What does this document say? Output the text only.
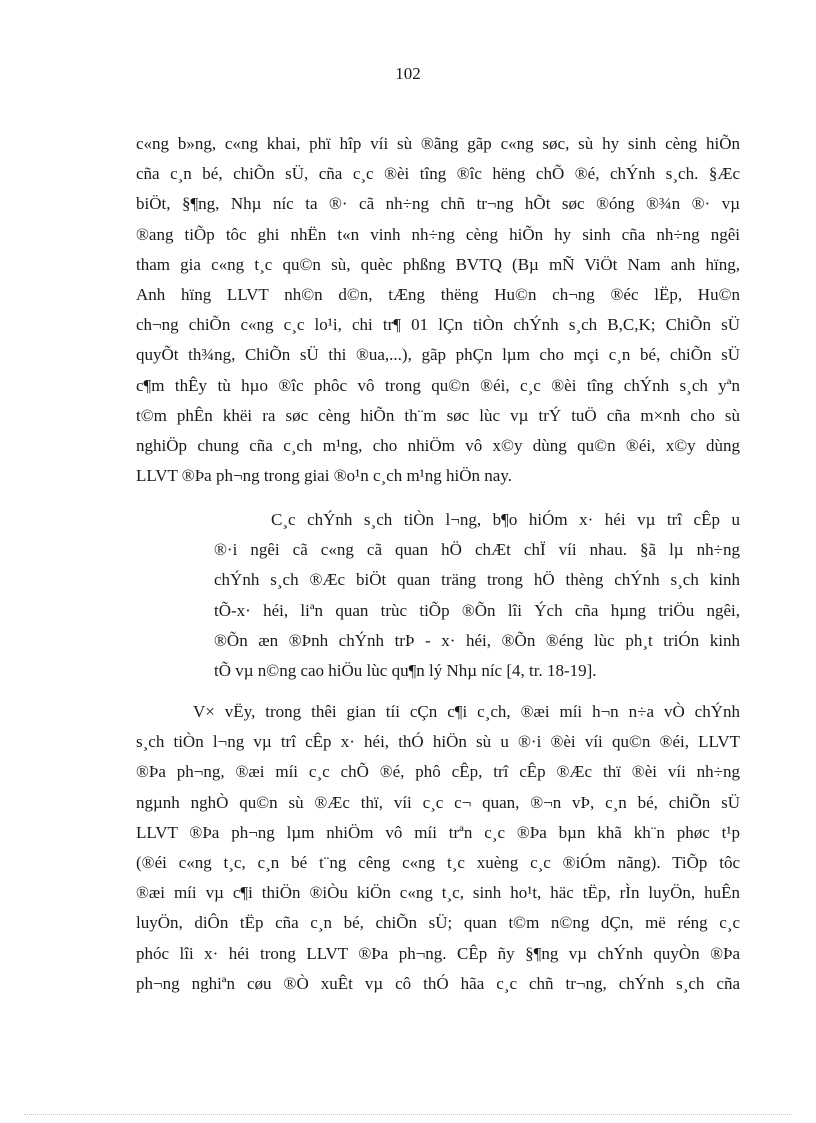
102
c«ng b»ng, c«ng khai, phï hîp víi sù ®ãng gãp c«ng søc, sù hy sinh cèng hiÕn
cña c¸n bé, chiÕn sÜ, cña c¸c ®èi tîng ®îc hëng chÕ ®é, chÝnh s¸ch. §Æc
biÖt, §¶ng, Nhµ níc ta ®· cã nh÷ng chñ tr¬ng hÕt søc ®óng ®¾n ®· vµ
®ang tiÕp tôc ghi nhËn t«n vinh nh÷ng cèng hiÕn hy sinh cña nh÷ng ngêi
tham gia c«ng t¸c qu©n sù, quèc phßng BVTQ (Bµ mÑ ViÖt Nam anh hïng,
Anh hïng LLVT nh©n d©n, tÆng thëng Hu©n ch¬ng ®éc lËp, Hu©n
ch¬ng chiÕn c«ng c¸c lo¹i, chi tr¶ 01 lÇn tiÒn chÝnh s¸ch B,C,K; ChiÕn sÜ
quyÕt th¾ng, ChiÕn sÜ thi ®ua,...), gãp phÇn lµm cho mçi c¸n bé, chiÕn sÜ
c¶m thÊy tù hµo ®îc phôc vô trong qu©n ®éi, c¸c ®èi tîng chÝnh s¸ch yªn
t©m phÊn khëi ra søc cèng hiÕn th¨m søc lùc vµ trÝ tuÖ cña m×nh cho sù
nghiÖp chung cña c¸ch m¹ng, cho nhiÖm vô x©y dùng qu©n ®éi, x©y dùng
LLVT ®Þa ph¬ng trong giai ®o¹n c¸ch m¹ng hiÖn nay.
C¸c chÝnh s¸ch tiÒn l¬ng, b¶o hiÓm x· héi vµ trî cÊp u
®·i ngêi cã c«ng cã quan hÖ chÆt chÏ víi nhau. §ã lµ nh÷ng
chÝnh s¸ch ®Æc biÖt quan träng trong hÖ thèng chÝnh s¸ch kinh
tÕ-x· héi, liªn quan trùc tiÕp ®Õn lîi Ých cña hµng triÖu ngêi,
®Õn æn ®Þnh chÝnh trÞ - x· héi, ®Õn ®éng lùc ph¸t triÓn kinh
tÕ vµ n©ng cao hiÖu lùc qu¶n lý Nhµ níc [4, tr. 18-19].
V× vËy, trong thêi gian tíi cÇn c¶i c¸ch, ®æi míi h¬n n÷a vÒ chÝnh
s¸ch tiÒn l¬ng vµ trî cÊp x· héi, thÓ hiÖn sù u ®·i ®èi víi qu©n ®éi, LLVT
®Þa ph¬ng, ®æi míi c¸c chÕ ®é, phô cÊp, trî cÊp ®Æc thï ®èi víi nh÷ng
ngµnh nghÒ qu©n sù ®Æc thï, víi c¸c c¬ quan, ®¬n vÞ, c¸n bé, chiÕn sÜ
LLVT ®Þa ph¬ng lµm nhiÖm vô míi trªn c¸c ®Þa bµn khã kh¨n phøc t¹p
(®éi c«ng t¸c, c¸n bé t¨ng cêng c«ng t¸c xuèng c¸c ®iÓm nãng). TiÕp tôc
®æi míi vµ c¶i thiÖn ®iÒu kiÖn c«ng t¸c, sinh ho¹t, häc tËp, rÌn luyÖn, huÊn
luyÖn, diÔn tËp cña c¸n bé, chiÕn sÜ; quan t©m n©ng dÇn, më réng c¸c
phóc lîi x· héi trong LLVT ®Þa ph¬ng. CÊp ñy §¶ng vµ chÝnh quyÒn ®Þa
ph¬ng nghiªn cøu ®Ò xuÊt vµ cô thÓ hãa c¸c chñ tr¬ng, chÝnh s¸ch cña
